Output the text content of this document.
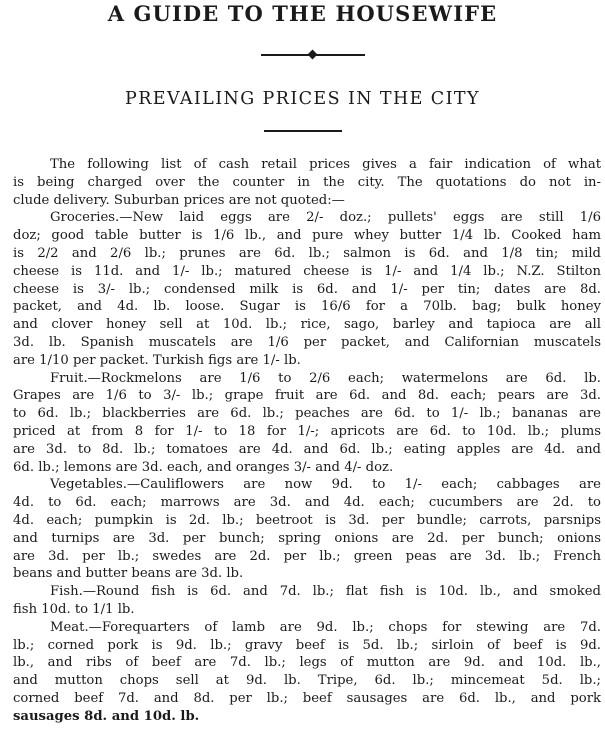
A GUIDE TO THE HOUSEWIFE
PREVAILING PRICES IN THE CITY
The following list of cash retail prices gives a fair indication of what
is being charged over the counter in the city. The quotations do not in-
clude delivery. Suburban prices are not quoted:—
Groceries.—New laid eggs are 2/- doz.; pullets' eggs are still 1/6
doz; good table butter is 1/6 lb., and pure whey butter 1/4 lb. Cooked ham
is 2/2 and 2/6 lb.; prunes are 6d. lb.; salmon is 6d. and 1/8 tin; mild
cheese is 11d. and 1/- lb.; matured cheese is 1/- and 1/4 lb.; N.Z. Stilton
cheese is 3/- lb.; condensed milk is 6d. and 1/- per tin; dates are 8d.
packet, and 4d. lb. loose. Sugar is 16/6 for a 70lb. bag; bulk honey
and clover honey sell at 10d. lb.; rice, sago, barley and tapioca are all
3d. lb. Spanish muscatels are 1/6 per packet, and Californian muscatels
are 1/10 per packet. Turkish figs are 1/- lb.
Fruit.—Rockmelons are 1/6 to 2/6 each; watermelons are 6d. lb.
Grapes are 1/6 to 3/- lb.; grape fruit are 6d. and 8d. each; pears are 3d.
to 6d. lb.; blackberries are 6d. lb.; peaches are 6d. to 1/- lb.; bananas are
priced at from 8 for 1/- to 18 for 1/-; apricots are 6d. to 10d. lb.; plums
are 3d. to 8d. lb.; tomatoes are 4d. and 6d. lb.; eating apples are 4d. and
6d. lb.; lemons are 3d. each, and oranges 3/- and 4/- doz.
Vegetables.—Cauliflowers are now 9d. to 1/- each; cabbages are
4d. to 6d. each; marrows are 3d. and 4d. each; cucumbers are 2d. to
4d. each; pumpkin is 2d. lb.; beetroot is 3d. per bundle; carrots, parsnips
and turnips are 3d. per bunch; spring onions are 2d. per bunch; onions
are 3d. per lb.; swedes are 2d. per lb.; green peas are 3d. lb.; French
beans and butter beans are 3d. lb.
Fish.—Round fish is 6d. and 7d. lb.; flat fish is 10d. lb., and smoked
fish 10d. to 1/1 lb.
Meat.—Forequarters of lamb are 9d. lb.; chops for stewing are 7d.
lb.; corned pork is 9d. lb.; gravy beef is 5d. lb.; sirloin of beef is 9d.
lb., and ribs of beef are 7d. lb.; legs of mutton are 9d. and 10d. lb.,
and mutton chops sell at 9d. lb. Tripe, 6d. lb.; mincemeat 5d. lb.;
corned beef 7d. and 8d. per lb.; beef sausages are 6d. lb., and pork
sausages 8d. and 10d. lb.
